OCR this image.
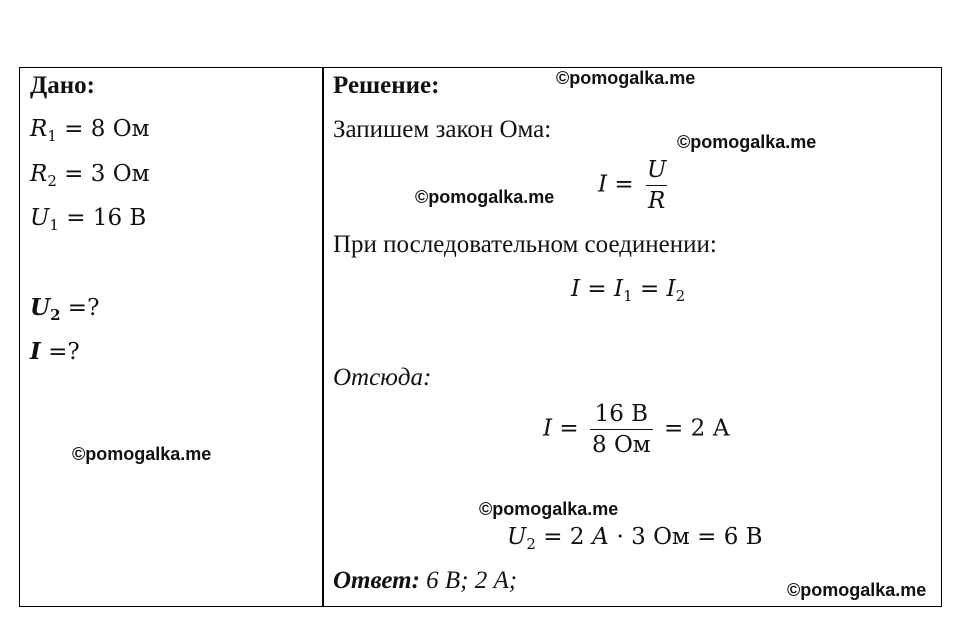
Дано:
$R_1 = 8$ Ом
$R_2 = 3$ Ом
$U_1 = 16$ В
$U_2$ =?
I =?
Решение:
Запишем закон Ома:
$I = \frac{U}{R}$
При последовательном соединении:
$I = I_1 = I_2$
Отсюда:
$I = \frac{16 В}{8 Ом} = 2$ А
$U_2 = 2$ А · 3 Ом = 6 В
Ответ: 6 В; 2 А;
©pomogalka.me
©pomogalka.me
©pomogalka.me
©pomogalka.me
©pomogalka.me
©pomogalka.me
